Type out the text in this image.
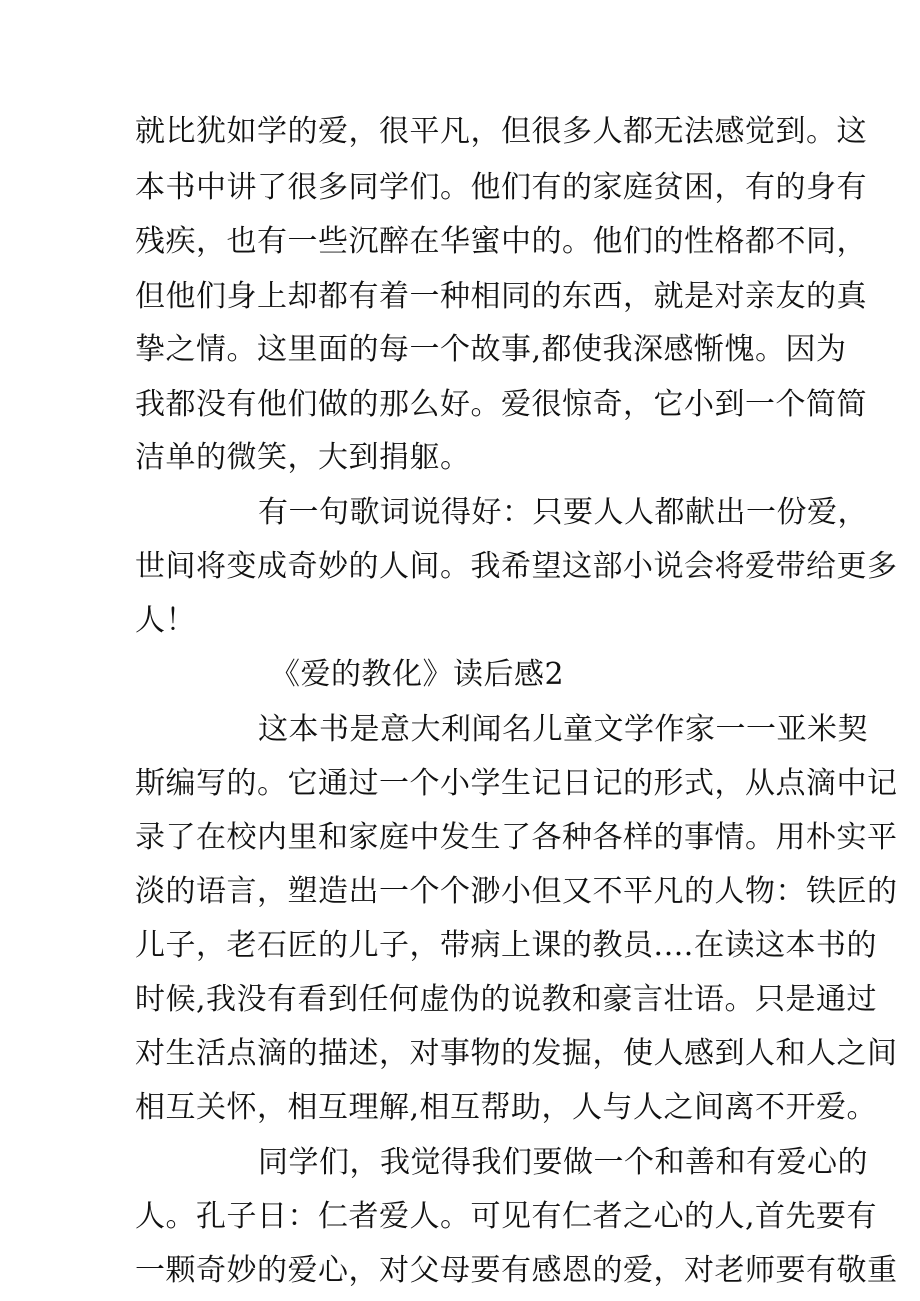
就比犹如学的爱，很平凡，但很多人都无法感觉到。这

本书中讲了很多同学们。他们有的家庭贫困，有的身有

残疾，也有一些沉醉在华蜜中的。他们的性格都不同，

但他们身上却都有着一种相同的东西，就是对亲友的真

挚之情。这里面的每一个故事,都使我深感惭愧。因为

我都没有他们做的那么好。爱很惊奇，它小到一个简简

洁单的微笑，大到捐躯。

有一句歌词说得好：只要人人都献出一份爱，

世间将变成奇妙的人间。我希望这部小说会将爱带给更多

人！

《爱的教化》读后感2

这本书是意大利闻名儿童文学作家一一亚米契

斯编写的。它通过一个小学生记日记的形式，从点滴中记

录了在校内里和家庭中发生了各种各样的事情。用朴实平

淡的语言，塑造出一个个渺小但又不平凡的人物：铁匠的

儿子，老石匠的儿子，带病上课的教员.…在读这本书的

时候,我没有看到任何虚伪的说教和豪言壮语。只是通过

对生活点滴的描述，对事物的发掘，使人感到人和人之间

相互关怀，相互理解,相互帮助，人与人之间离不开爱。

同学们，我觉得我们要做一个和善和有爱心的

人。孔子日：仁者爱人。可见有仁者之心的人,首先要有

一颗奇妙的爱心，对父母要有感恩的爱，对老师要有敬重
